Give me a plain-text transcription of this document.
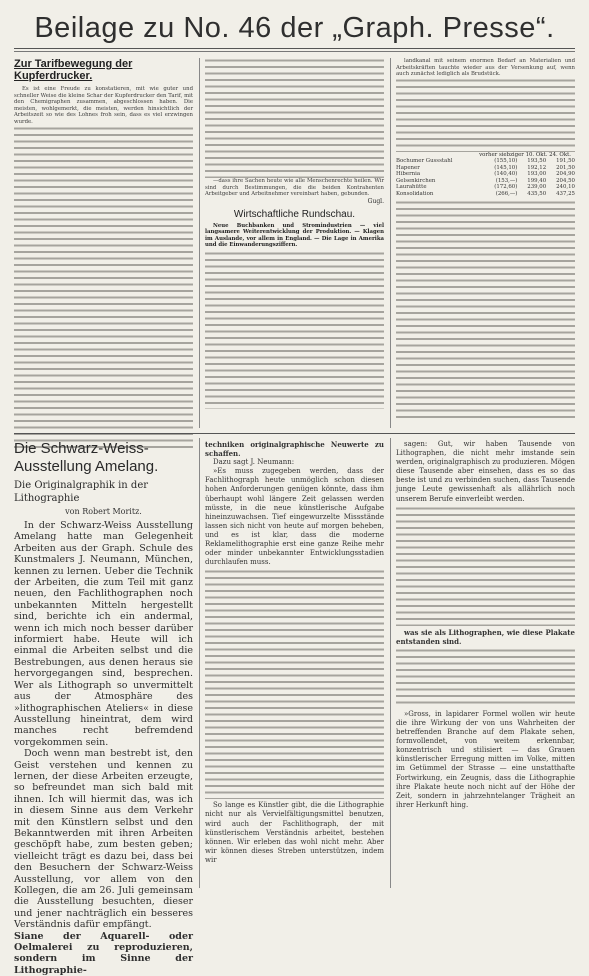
Beilage zu No. 46 der „Graph. Presse“.
Zur Tarifbewegung der Kupferdrucker.

Es ist eine Freude zu konstatieren, mit wie guter und schneller Weise die kleine Schar der Kupferdrucker den Tarif, mit den Chemigraphen zusammen, abgeschlossen haben. Die meisten, wohlgemerkt, die meisten, werden hinsichtlich der Arbeitszeit so wie des Lohnes froh sein, dass es viel erzwingen wurde.

—dass ihre Sachen heute wie alle Menschenrechte heilen. Wir sind durch Bestimmungen, die die beiden Kontrahenten Arbeitgeber und Arbeitnehmer vereinbart haben, gebunden.

Gugl.
Wirtschaftliche Rundschau.

Neue Buchbanken und Stromindustrien — viel langsamere Weiterentwicklung der Produktion. — Klagen im Auslande, vor allem in England. — Die Lage in Amerika und die Einwanderungsziffern.

landkanal mit seinem enormen Bedarf an Materialien und Arbeitskräften tauchte wieder aus der Versenkung auf, wenn auch zunächst lediglich als Brudstück.

vorher siebziger 10. Okt. 24. Okt.
Bochumer Gussstahl	(155,10)	193,50	191,50
Hapener	(145,10)	192,12	201,50
Hibernia	(140,40)	193,00	204,90
Gelsenkirchen	(153,—)	199,40	204,50
Laurahütte	(172,60)	239,00	240,10
Konsolidation	(266,—)	435,50	437,25
Die Schwarz-Weiss-Ausstellung Amelang.
Die Originalgraphik in der Lithographie
von Robert Moritz.

In der Schwarz-Weiss Ausstellung Amelang hatte man Gelegenheit Arbeiten aus der Graph. Schule des Kunstmalers J. Neumann, München, kennen zu lernen. Ueber die Technik der Arbeiten, die zum Teil mit ganz neuen, den Fachlithographen noch unbekannten Mitteln hergestellt sind, berichte ich ein andermal, wenn ich mich noch besser darüber informiert habe. Heute will ich einmal die Arbeiten selbst und die Bestrebungen, aus denen heraus sie hervorgegangen sind, besprechen. Wer als Lithograph so unvermittelt aus der Atmosphäre des »lithographischen Ateliers« in diese Ausstellung hineintrat, dem wird manches recht befremdend vorgekommen sein.

Doch wenn man bestrebt ist, den Geist verstehen und kennen zu lernen, der diese Arbeiten erzeugte, so befreundet man sich bald mit ihnen. Ich will hiermit das, was ich in diesem Sinne aus dem Verkehr mit den Künstlern selbst und den Bekanntwerden mit ihren Arbeiten geschöpft habe, zum besten geben; vielleicht trägt es dazu bei, dass bei den Besuchern der Schwarz-Weiss Ausstellung, vor allem von den Kollegen, die am 26. Juli gemeinsam die Ausstellung besuchten, dieser und jener nachträglich ein besseres Verständnis dafür empfängt.

Siane der Aquarell- oder Oelmalerei zu reproduzieren, sondern im Sinne der Lithographie-

techniken originalgraphische Neuwerte zu schaffen.

Dazu sagt J. Neumann:

»Es muss zugegeben werden, dass der Fachlithograph heute unmöglich schon diesen hohen Anforderungen genügen könnte, dass ihm überhaupt wohl längere Zeit gelassen werden müsste, in die neue künstlerische Aufgabe hineinzuwachsen. Tief eingewurzelte Missstände lassen sich nicht von heute auf morgen beheben, und es ist klar, dass die moderne Reklamelithographie erst eine ganze Reihe mehr oder minder unbekannter Entwicklungsstadien durchlaufen muss.

So lange es Künstler gibt, die die Lithographie nicht nur als Vervielfältigungsmittel benutzen, wird auch der Fachlithograph, der mit künstlerischem Verständnis arbeitet, bestehen können. Wir erleben das wohl nicht mehr. Aber wir können dieses Streben unterstützen, indem wir

sagen: Gut, wir haben Tausende von Lithographen, die nicht mehr imstande sein werden, originalgraphisch zu produzieren. Mögen diese Tausende aber einsehen, dass es so das beste ist und zu verbinden suchen, dass Tausende junge Leute gewissenhaft als allährlich noch unserem Berufe einverleibt werden.

was sie als Lithographen, wie diese Plakate entstanden sind.

»Gross, in lapidarer Formel wollen wir heute die ihre Wirkung der von uns Wahrheiten der betreffenden Branche auf dem Plakate sehen, formvollendet, von weitem erkennbar, konzentrisch und stilisiert — das Grauen künstlerischer Erregung mitten im Volke, mitten im Getümmel der Strasse — eine unstatthafte Fortwirkung, ein Zeugnis, dass die Lithographie ihre Plakate heute noch nicht auf der Höhe der Zeit, sondern in jahrzehntelanger Trägheit an ihrer Herkunft hing.
